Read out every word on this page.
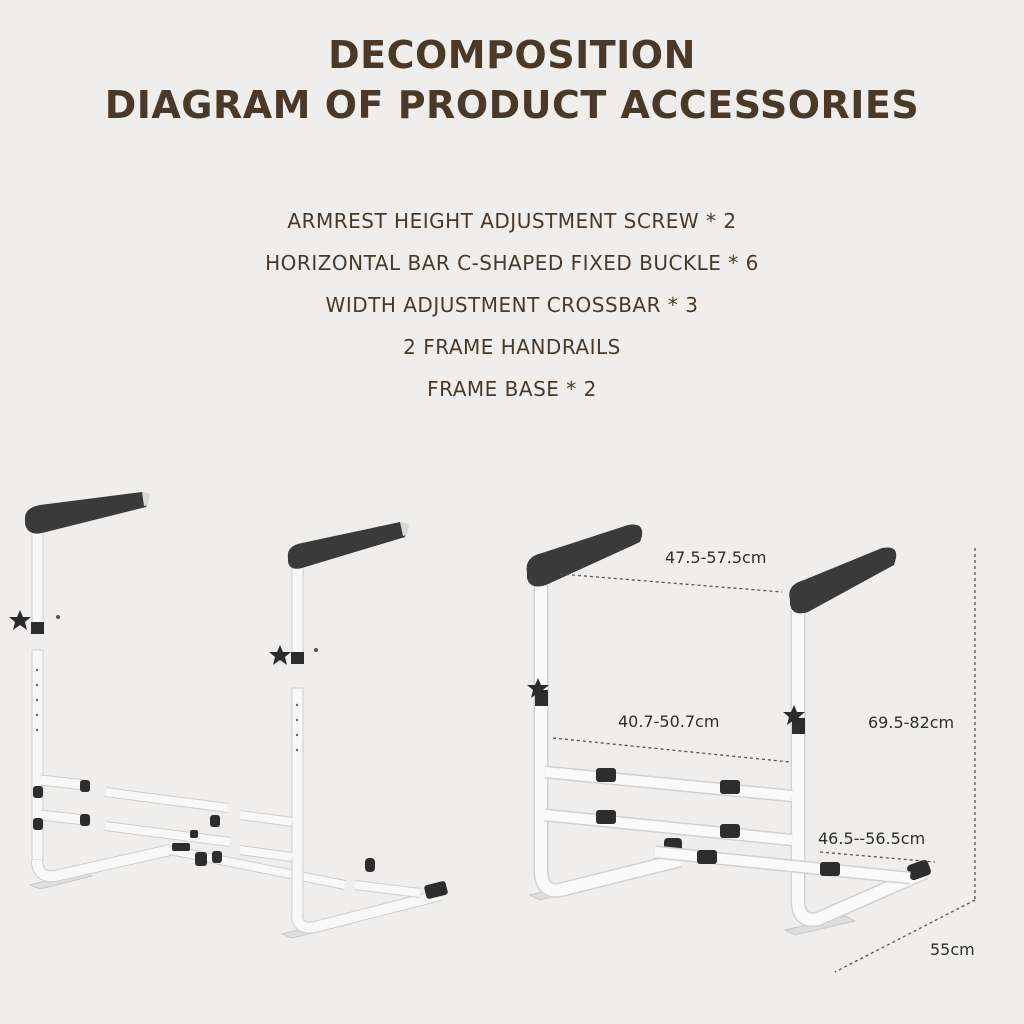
DECOMPOSITION
DIAGRAM OF PRODUCT ACCESSORIES
ARMREST HEIGHT ADJUSTMENT SCREW * 2
HORIZONTAL BAR C-SHAPED FIXED BUCKLE * 6
WIDTH ADJUSTMENT CROSSBAR * 3
2 FRAME HANDRAILS
FRAME BASE * 2
47.5-57.5cm
40.7-50.7cm	69.5-82cm
46.5--56.5cm
55cm
